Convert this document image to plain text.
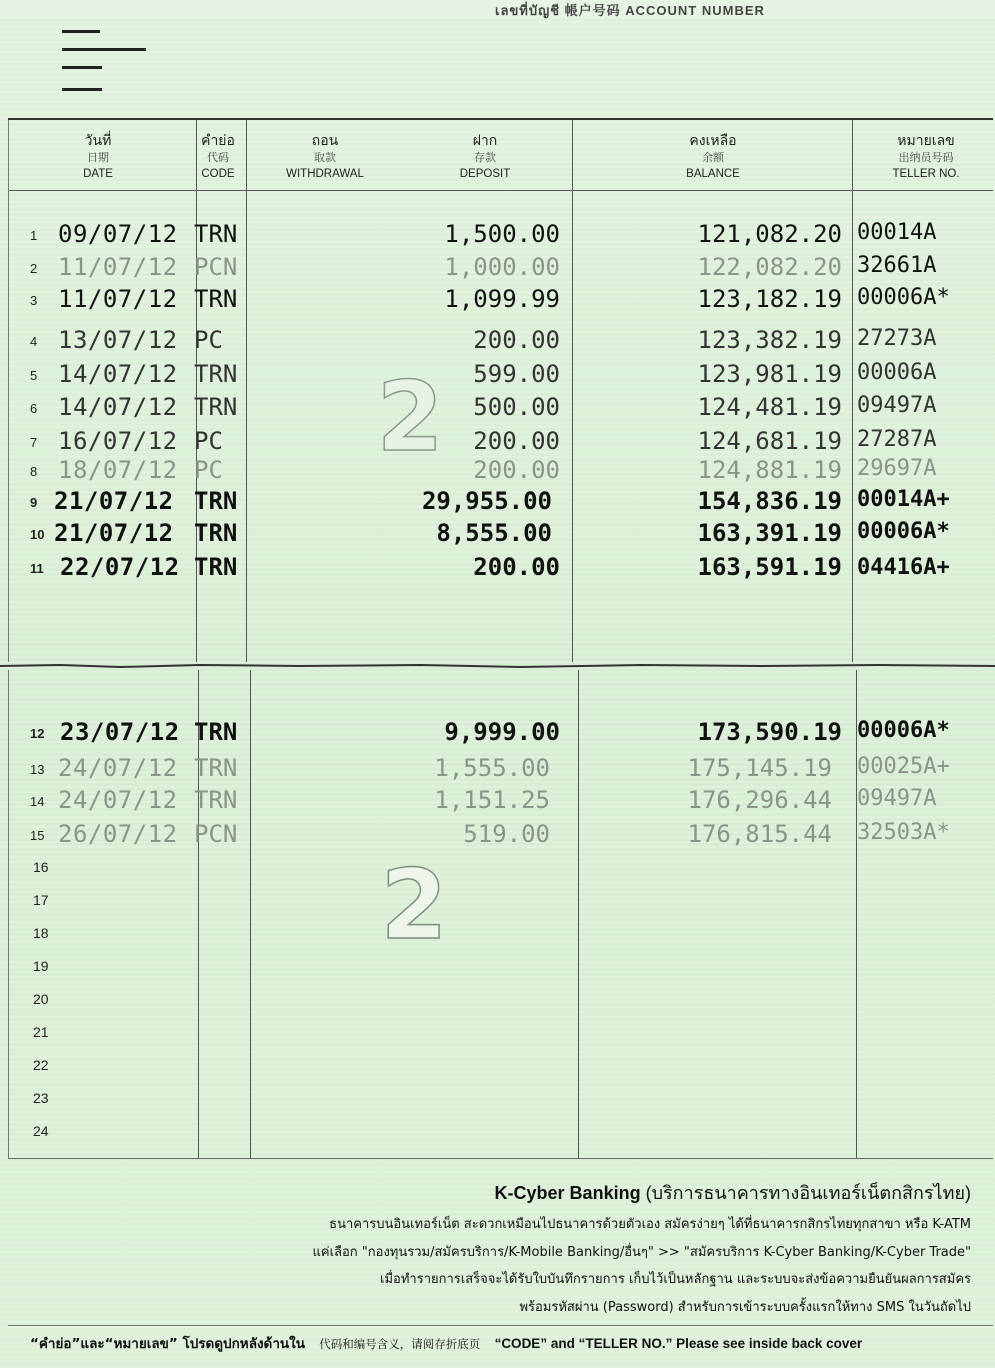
เลขที่บัญชี 帳户号码 ACCOUNT NUMBER
วันที่
日期
DATE
คำย่อ
代码
CODE
ถอน
取款
WITHDRAWAL
ฝาก
存款
DEPOSIT
คงเหลือ
余额
BALANCE
หมายเลข
出纳员号码
TELLER NO.
1 09/07/12 TRN	1,500.00	121,082.20 00014A
2 11/07/12 PCN	1,000.00	122,082.20 32661A
3 11/07/12 TRN	1,099.99	123,182.19 00006A*
4 13/07/12 PC	200.00	123,382.19 27273A
5 14/07/12 TRN	599.00	123,981.19 00006A
6 14/07/12 TRN	500.00	124,481.19 09497A
7 16/07/12 PC	200.00	124,681.19 27287A
8 18/07/12 PC	200.00	124,881.19 29697A
9 21/07/12 TRN	29,955.00	154,836.19 00014A+
10 21/07/12 TRN	8,555.00	163,391.19 00006A*
11 22/07/12 TRN	200.00	163,591.19 04416A+
12 23/07/12 TRN	9,999.00	173,590.19 00006A*
13 24/07/12 TRN	1,555.00	175,145.19 00025A+
14 24/07/12 TRN	1,151.25	176,296.44 09497A
15 26/07/12 PCN	519.00	176,815.44 32503A*
16
17
18
19
20
21
22
23
24
2
2
K-Cyber Banking (บริการธนาคารทางอินเทอร์เน็ตกสิกรไทย)
ธนาคารบนอินเทอร์เน็ต สะดวกเหมือนไปธนาคารด้วยตัวเอง สมัครง่ายๆ ได้ที่ธนาคารกสิกรไทยทุกสาขา หรือ K-ATM
แค่เลือก "กองทุนรวม/สมัครบริการ/K-Mobile Banking/อื่นๆ" >> "สมัครบริการ K-Cyber Banking/K-Cyber Trade"
เมื่อทำรายการเสร็จจะได้รับใบบันทึกรายการ เก็บไว้เป็นหลักฐาน และระบบจะส่งข้อความยืนยันผลการสมัคร
พร้อมรหัสผ่าน (Password) สำหรับการเข้าระบบครั้งแรกให้ทาง SMS ในวันถัดไป
“คำย่อ”และ“หมายเลข” โปรดดูปกหลังด้านใน 代码和编号含义，请阅存折底页 “CODE” and “TELLER NO.” Please see inside back cover
